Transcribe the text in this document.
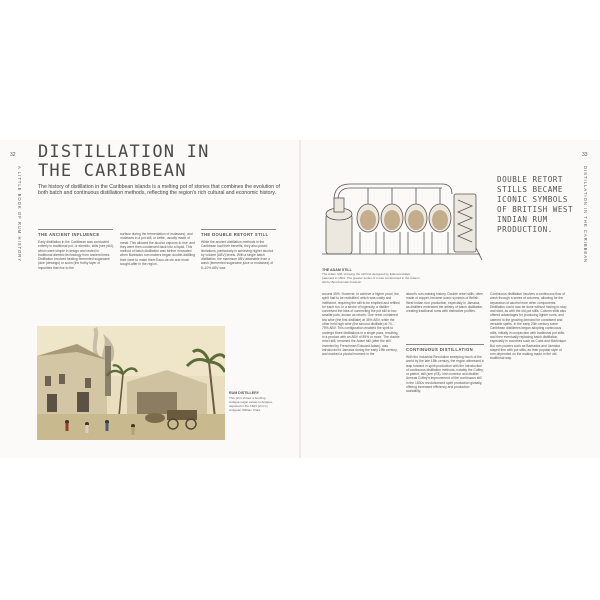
32
A LITTLE BOOK OF RUM HISTORY
DISTILLATION IN
THE CARIBBEAN
The history of distillation in the Caribbean islands is a melting pot of stories that combines the evolution of both batch and continuous distillation methods, reflecting the region's rich cultural and economic history.
THE ANCIENT INFLUENCE
Early distillation in the Caribbean was conducted entirely in traditional pot, or alembic, stills (see p64), which were simple in design and rested in traditional alembic technology from ancient times. Distillation involved heating fermented sugarcane juice (dewings) or scum (the frothy layer of impurities that rise to the
surface during the fermentation of molasses), and molasses in a pot still, or kettle, usually made of metal. This allowed the alcohol vapours to rise, and they were then condensed back into a liquid. This method of batch distillation was further innovated when Barbados rum makers began double-distilling their cane to make them Eaux-de-vie and much sought-after in the region.
THE DOUBLE RETORT STILL
While the ancient distillation methods in the Caribbean had their benefits, they also posed limitations, particularly in achieving higher alcohol by volume (ABV) levels. With a single batch distillation, the maximum ABV attainable from a wash (fermented sugarcane juice or molasses) of 8–10% ABV was
RUM DISTILLERY
This print shows a bustling Antigua sugar estate in Antigua, depicted in the 1823 print by Antiguan William Clark.
33
DISTILLATION IN THE CARIBBEAN
THE ADAM STILL
The Adam Still, showing the still first designed by Edouard Adam, patented in 1801. The greater series of it was constructed in the Adams still by Bourbonnais Frederic.
DOUBLE RETORT STILLS BECAME ICONIC SYMBOLS OF BRITISH WEST INDIAN RUM PRODUCTION.
around 45%. However, to achieve a higher proof, the spirit had to be redistilled, which was costly and inefficient, requiring the still to be emptied and refilled for each run. In a stroke of ingenuity, a distiller conceived the idea of connecting the pot still to two smaller pots, known as retorts. One retort contained low wine (the first distillate) at 35% ABV, while the other held high wine (the second distillate) at 70–75% ABV. This configuration enabled the spirit to undergo three distillations in a single pass, resulting in a product with an ABV of 85% or more. The double retort still, renamed the Adam still (after the still invented by Frenchman Edouard Adam), was introduced to Jamaica during the early 19th century, and marked a pivotal moment in the
island's rum-making history. Double retort stills, often made of copper, became iconic symbols of British West Indian rum production, especially in Jamaica, as distillers embraced the artistry of batch distillation, creating traditional rums with distinctive profiles.
CONTINUOUS DISTILLATION
With the Industrial Revolution sweeping much of the world by the late 18th century, the region witnessed a leap forward in spirit production with the introduction of continuous distillation methods, notably the Coffey, or patent, still (see p78). Irish inventor and distiller Aeneas Coffey's improvement of the continuous still in the 1830s revolutionized spirit production globally, offering increased efficiency and production scalability.
Continuous distillation involves a continuous flow of wash through a series of columns, allowing for the separation of alcohol from other components. Distillation could now be done without having to stop and start, as with the old pot stills. Column stills also offered advantages for producing lighter rums, and catered to the growing demand for consistent and versatile spirits. In the early 20th century some Caribbean distilleries began adopting continuous stills, initially in conjunction with traditional pot stills, and then eventually replacing batch distillation, especially in countries such as Cuba and Martinique. But rum powers such as Barbados and Jamaica stayed firm with pot stills, as their popular style of rum depended on the making made in the old, traditional way.
